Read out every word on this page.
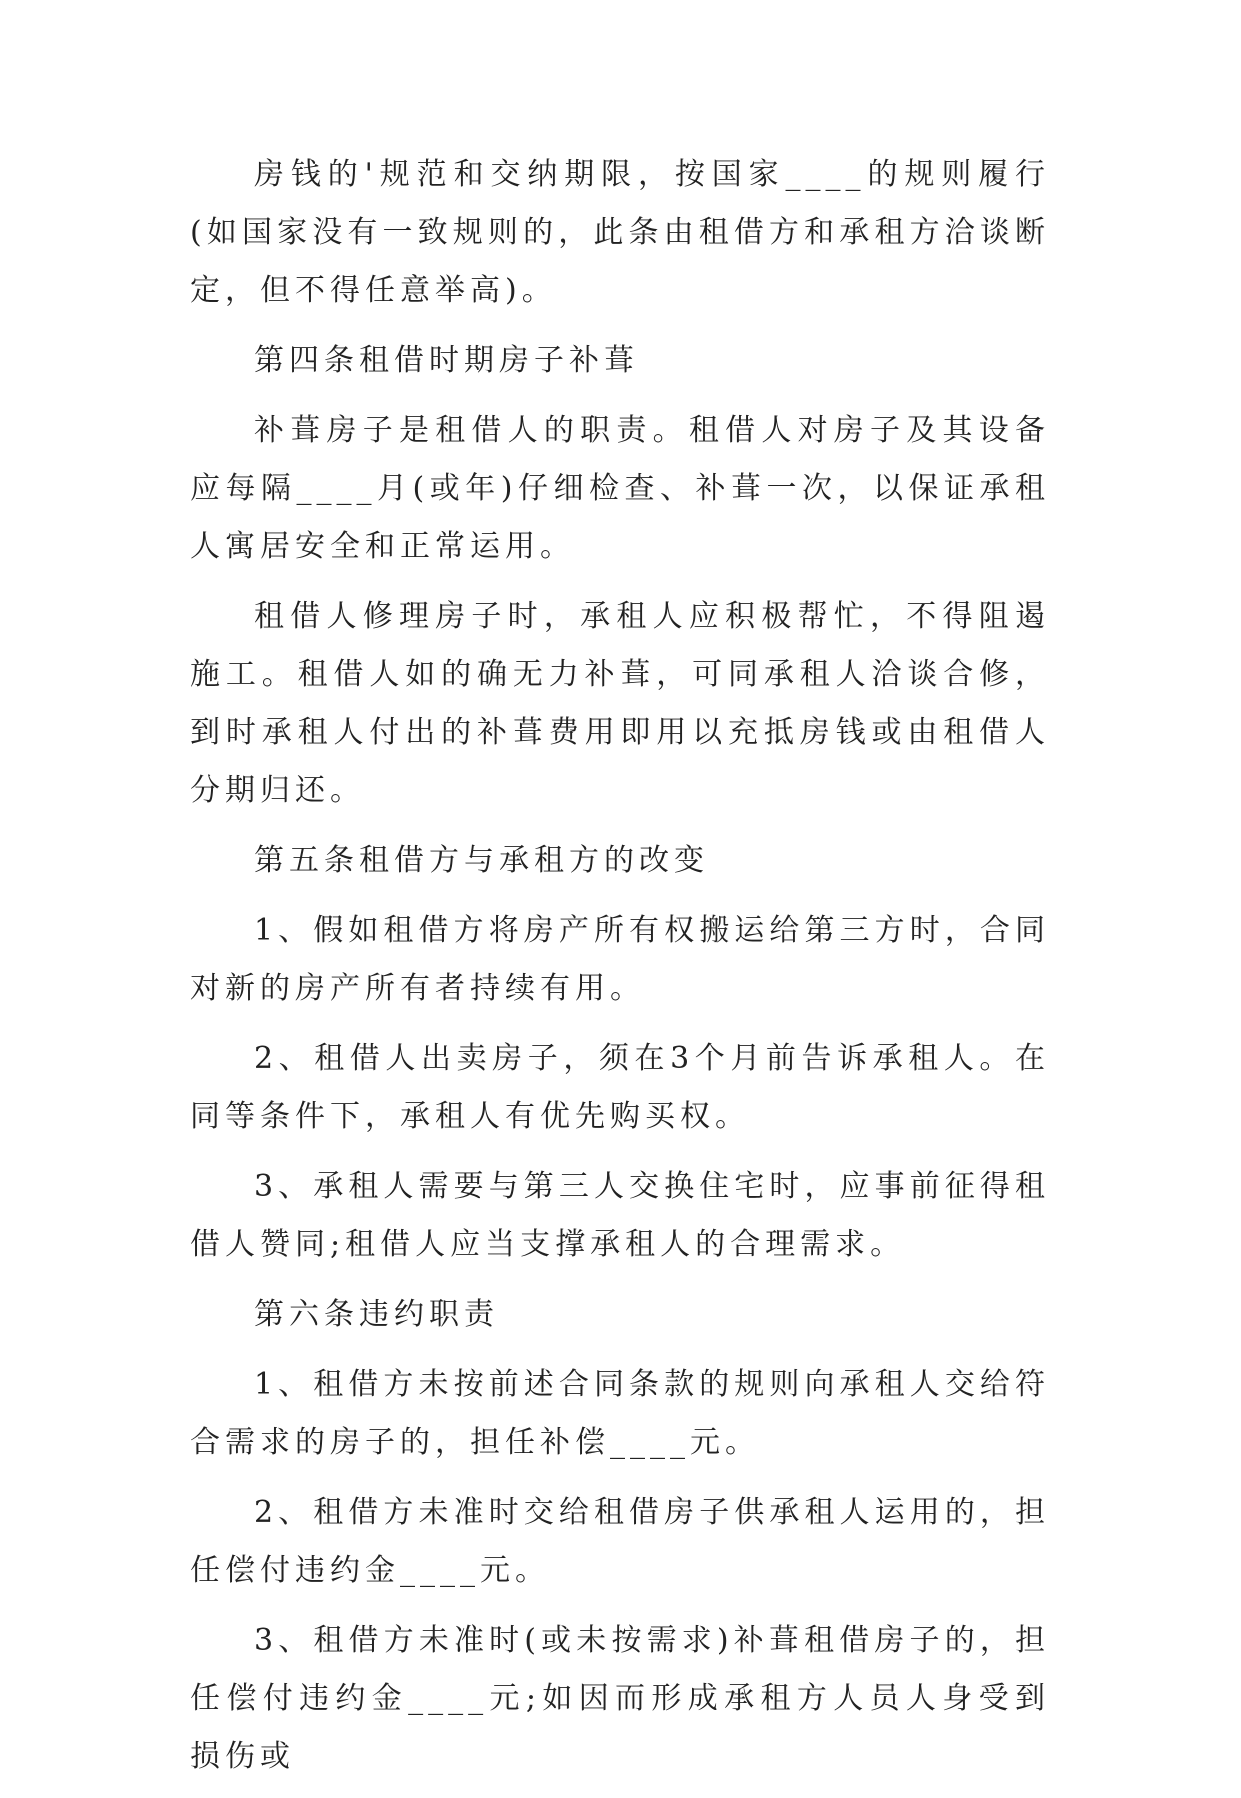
房钱的'规范和交纳期限，按国家____的规则履行(如国家没有一致规则的，此条由租借方和承租方洽谈断定，但不得任意举高)。

第四条租借时期房子补葺

补葺房子是租借人的职责。租借人对房子及其设备应每隔____月(或年)仔细检查、补葺一次，以保证承租人寓居安全和正常运用。

租借人修理房子时，承租人应积极帮忙，不得阻遏施工。租借人如的确无力补葺，可同承租人洽谈合修，到时承租人付出的补葺费用即用以充抵房钱或由租借人分期归还。

第五条租借方与承租方的改变

1、假如租借方将房产所有权搬运给第三方时，合同对新的房产所有者持续有用。

2、租借人出卖房子，须在3个月前告诉承租人。在同等条件下，承租人有优先购买权。

3、承租人需要与第三人交换住宅时，应事前征得租借人赞同;租借人应当支撑承租人的合理需求。

第六条违约职责

1、租借方未按前述合同条款的规则向承租人交给符合需求的房子的，担任补偿____元。

2、租借方未准时交给租借房子供承租人运用的，担任偿付违约金____元。

3、租借方未准时(或未按需求)补葺租借房子的，担任偿付违约金____元;如因而形成承租方人员人身受到损伤或
